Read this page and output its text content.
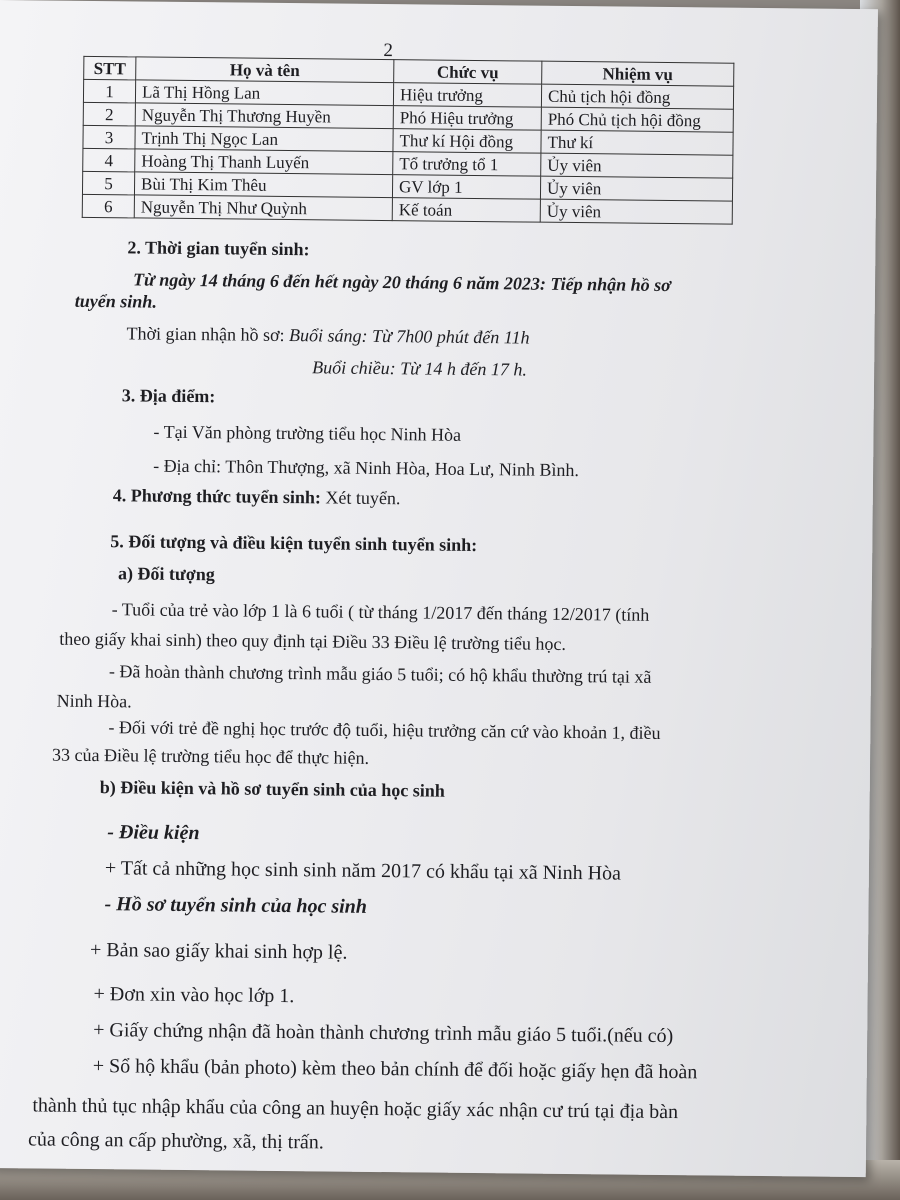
2
STT	Họ và tên	Chức vụ	Nhiệm vụ
1	Lã Thị Hồng Lan	Hiệu trưởng	Chủ tịch hội đồng
2	Nguyễn Thị Thương Huyền	Phó Hiệu trưởng	Phó Chủ tịch hội đồng
3	Trịnh Thị Ngọc Lan	Thư kí Hội đồng	Thư kí
4	Hoàng Thị Thanh Luyến	Tổ trưởng tổ 1	Ủy viên
5	Bùi Thị Kim Thêu	GV lớp 1	Ủy viên
6	Nguyễn Thị Như Quỳnh	Kế toán	Ủy viên
2. Thời gian tuyển sinh:
Từ ngày 14 tháng 6 đến hết ngày 20 tháng 6 năm 2023: Tiếp nhận hồ sơ
tuyển sinh.
Thời gian nhận hồ sơ: Buổi sáng: Từ 7h00 phút đến 11h
Buổi chiều: Từ 14 h đến 17 h.
3. Địa điểm:
- Tại Văn phòng trường tiểu học Ninh Hòa
- Địa chỉ: Thôn Thượng, xã Ninh Hòa, Hoa Lư, Ninh Bình.
4. Phương thức tuyển sinh: Xét tuyển.
5. Đối tượng và điều kiện tuyển sinh tuyển sinh:
a) Đối tượng
- Tuổi của trẻ vào lớp 1 là 6 tuổi ( từ tháng 1/2017 đến tháng 12/2017 (tính
theo giấy khai sinh) theo quy định tại Điều 33 Điều lệ trường tiểu học.
- Đã hoàn thành chương trình mẫu giáo 5 tuổi; có hộ khẩu thường trú tại xã
Ninh Hòa.
- Đối với trẻ đề nghị học trước độ tuổi, hiệu trưởng căn cứ vào khoản 1, điều
33 của Điều lệ trường tiểu học để thực hiện.
b) Điều kiện và hồ sơ tuyển sinh của học sinh
- Điều kiện
+ Tất cả những học sinh sinh năm 2017 có khẩu tại xã Ninh Hòa
- Hồ sơ tuyển sinh của học sinh
+ Bản sao giấy khai sinh hợp lệ.
+ Đơn xin vào học lớp 1.
+ Giấy chứng nhận đã hoàn thành chương trình mẫu giáo 5 tuổi.(nếu có)
+ Sổ hộ khẩu (bản photo) kèm theo bản chính để đối hoặc giấy hẹn đã hoàn
thành thủ tục nhập khẩu của công an huyện hoặc giấy xác nhận cư trú tại địa bàn
của công an cấp phường, xã, thị trấn.
